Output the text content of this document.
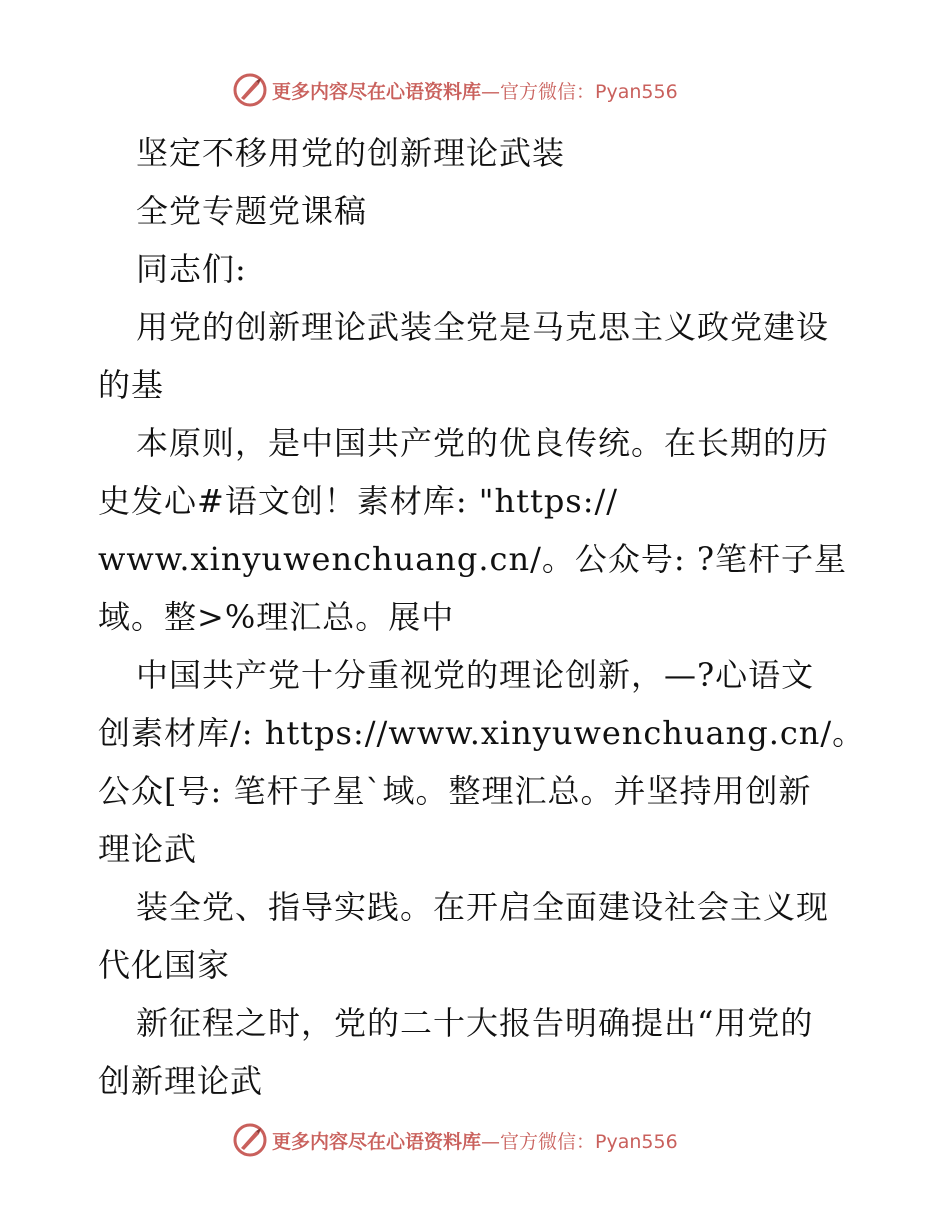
更多内容尽在心语资料库—官方微信：Pyan556
坚定不移用党的创新理论武装
全党专题党课稿
同志们:
用党的创新理论武装全党是马克思主义政党建设
的基
本原则，是中国共产党的优良传统。在长期的历
史发心#语文创！素材库: "https://
www.xinyuwenchuang.cn/。公众号: ?笔杆子星
域。整>%理汇总。展中
中国共产党十分重视党的理论创新，—?心语文
创素材库/: https://www.xinyuwenchuang.cn/。
公众[号: 笔杆子星`域。整理汇总。并坚持用创新
理论武
装全党、指导实践。在开启全面建设社会主义现
代化国家
新征程之时，党的二十大报告明确提出“用党的
创新理论武
更多内容尽在心语资料库—官方微信：Pyan556
